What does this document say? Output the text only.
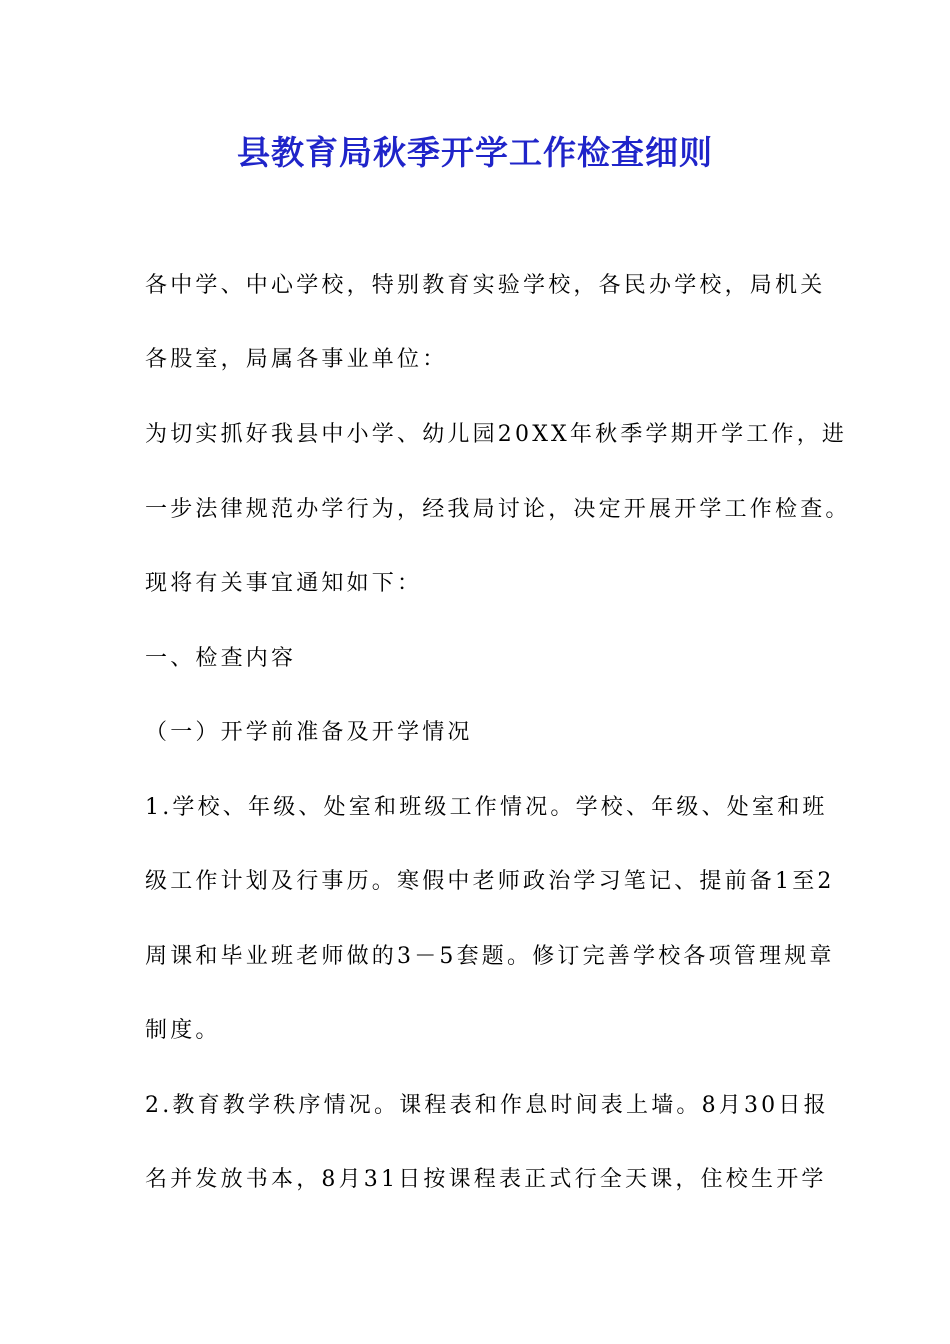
县教育局秋季开学工作检查细则
各中学、中心学校，特别教育实验学校，各民办学校，局机关
各股室，局属各事业单位：
为切实抓好我县中小学、幼儿园20XX年秋季学期开学工作，进
一步法律规范办学行为，经我局讨论，决定开展开学工作检查。
现将有关事宜通知如下：
一、检查内容
（一）开学前准备及开学情况
1.学校、年级、处室和班级工作情况。学校、年级、处室和班
级工作计划及行事历。寒假中老师政治学习笔记、提前备1至2
周课和毕业班老师做的3－5套题。修订完善学校各项管理规章
制度。
2.教育教学秩序情况。课程表和作息时间表上墙。8月30日报
名并发放书本，8月31日按课程表正式行全天课，住校生开学
